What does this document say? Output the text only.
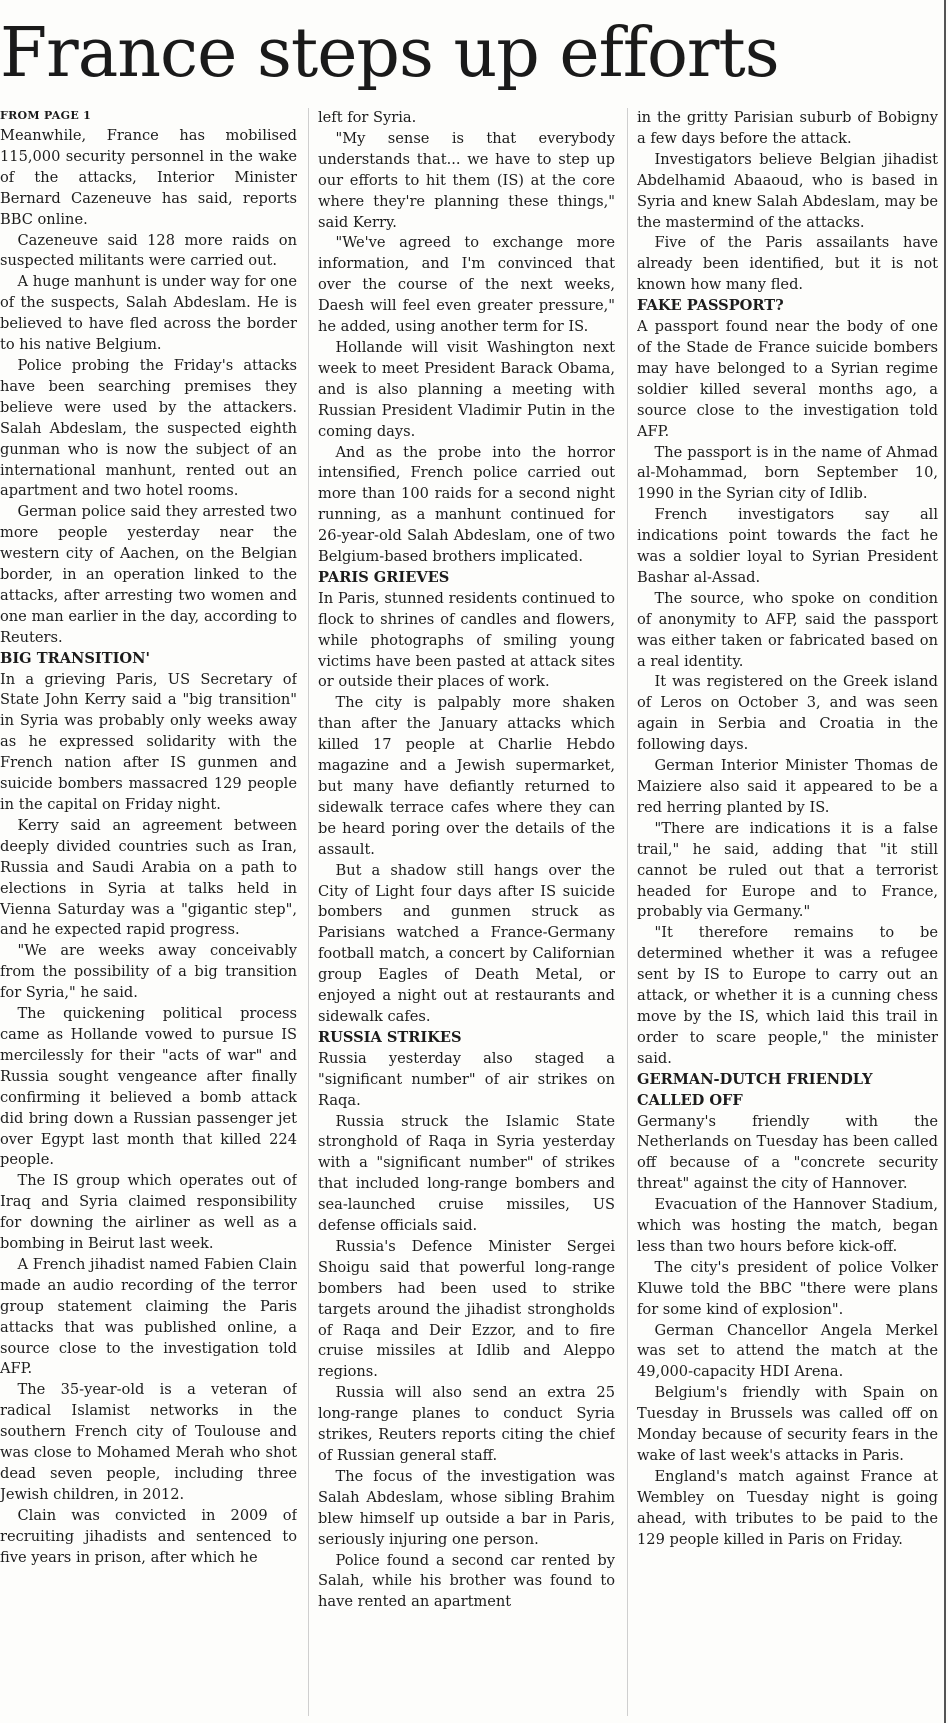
France steps up efforts
FROM PAGE 1

Meanwhile, France has mobilised 115,000 security personnel in the wake of the attacks, Interior Minister Bernard Cazeneuve has said, reports BBC online.

Cazeneuve said 128 more raids on suspected militants were carried out.

A huge manhunt is under way for one of the suspects, Salah Abdeslam. He is believed to have fled across the border to his native Belgium.

Police probing the Friday's attacks have been searching premises they believe were used by the attackers. Salah Abdeslam, the suspected eighth gunman who is now the subject of an international manhunt, rented out an apartment and two hotel rooms.

German police said they arrested two more people yesterday near the western city of Aachen, on the Belgian border, in an operation linked to the attacks, after arresting two women and one man earlier in the day, according to Reuters.

BIG TRANSITION'

In a grieving Paris, US Secretary of State John Kerry said a "big transition" in Syria was probably only weeks away as he expressed solidarity with the French nation after IS gunmen and suicide bombers massacred 129 people in the capital on Friday night.

Kerry said an agreement between deeply divided countries such as Iran, Russia and Saudi Arabia on a path to elections in Syria at talks held in Vienna Saturday was a "gigantic step", and he expected rapid progress.

"We are weeks away conceivably from the possibility of a big transition for Syria," he said.

The quickening political process came as Hollande vowed to pursue IS mercilessly for their "acts of war" and Russia sought vengeance after finally confirming it believed a bomb attack did bring down a Russian passenger jet over Egypt last month that killed 224 people.

The IS group which operates out of Iraq and Syria claimed responsibility for downing the airliner as well as a bombing in Beirut last week.

A French jihadist named Fabien Clain made an audio recording of the terror group statement claiming the Paris attacks that was published online, a source close to the investigation told AFP.

The 35-year-old is a veteran of radical Islamist networks in the southern French city of Toulouse and was close to Mohamed Merah who shot dead seven people, including three Jewish children, in 2012.

Clain was convicted in 2009 of recruiting jihadists and sentenced to five years in prison, after which he

left for Syria.

"My sense is that everybody understands that... we have to step up our efforts to hit them (IS) at the core where they're planning these things," said Kerry.

"We've agreed to exchange more information, and I'm convinced that over the course of the next weeks, Daesh will feel even greater pressure," he added, using another term for IS.

Hollande will visit Washington next week to meet President Barack Obama, and is also planning a meeting with Russian President Vladimir Putin in the coming days.

And as the probe into the horror intensified, French police carried out more than 100 raids for a second night running, as a manhunt continued for 26-year-old Salah Abdeslam, one of two Belgium-based brothers implicated.

PARIS GRIEVES

In Paris, stunned residents continued to flock to shrines of candles and flowers, while photographs of smiling young victims have been pasted at attack sites or outside their places of work.

The city is palpably more shaken than after the January attacks which killed 17 people at Charlie Hebdo magazine and a Jewish supermarket, but many have defiantly returned to sidewalk terrace cafes where they can be heard poring over the details of the assault.

But a shadow still hangs over the City of Light four days after IS suicide bombers and gunmen struck as Parisians watched a France-Germany football match, a concert by Californian group Eagles of Death Metal, or enjoyed a night out at restaurants and sidewalk cafes.

RUSSIA STRIKES

Russia yesterday also staged a "significant number" of air strikes on Raqa.

Russia struck the Islamic State stronghold of Raqa in Syria yesterday with a "significant number" of strikes that included long-range bombers and sea-launched cruise missiles, US defense officials said.

Russia's Defence Minister Sergei Shoigu said that powerful long-range bombers had been used to strike targets around the jihadist strongholds of Raqa and Deir Ezzor, and to fire cruise missiles at Idlib and Aleppo regions.

Russia will also send an extra 25 long-range planes to conduct Syria strikes, Reuters reports citing the chief of Russian general staff.

The focus of the investigation was Salah Abdeslam, whose sibling Brahim blew himself up outside a bar in Paris, seriously injuring one person.

Police found a second car rented by Salah, while his brother was found to have rented an apartment

in the gritty Parisian suburb of Bobigny a few days before the attack.

Investigators believe Belgian jihadist Abdelhamid Abaaoud, who is based in Syria and knew Salah Abdeslam, may be the mastermind of the attacks.

Five of the Paris assailants have already been identified, but it is not known how many fled.

FAKE PASSPORT?

A passport found near the body of one of the Stade de France suicide bombers may have belonged to a Syrian regime soldier killed several months ago, a source close to the investigation told AFP.

The passport is in the name of Ahmad al-Mohammad, born September 10, 1990 in the Syrian city of Idlib.

French investigators say all indications point towards the fact he was a soldier loyal to Syrian President Bashar al-Assad.

The source, who spoke on condition of anonymity to AFP, said the passport was either taken or fabricated based on a real identity.

It was registered on the Greek island of Leros on October 3, and was seen again in Serbia and Croatia in the following days.

German Interior Minister Thomas de Maiziere also said it appeared to be a red herring planted by IS.

"There are indications it is a false trail," he said, adding that "it still cannot be ruled out that a terrorist headed for Europe and to France, probably via Germany."

"It therefore remains to be determined whether it was a refugee sent by IS to Europe to carry out an attack, or whether it is a cunning chess move by the IS, which laid this trail in order to scare people," the minister said.

GERMAN-DUTCH FRIENDLY CALLED OFF

Germany's friendly with the Netherlands on Tuesday has been called off because of a "concrete security threat" against the city of Hannover.

Evacuation of the Hannover Stadium, which was hosting the match, began less than two hours before kick-off.

The city's president of police Volker Kluwe told the BBC "there were plans for some kind of explosion".

German Chancellor Angela Merkel was set to attend the match at the 49,000-capacity HDI Arena.

Belgium's friendly with Spain on Tuesday in Brussels was called off on Monday because of security fears in the wake of last week's attacks in Paris.

England's match against France at Wembley on Tuesday night is going ahead, with tributes to be paid to the 129 people killed in Paris on Friday.
